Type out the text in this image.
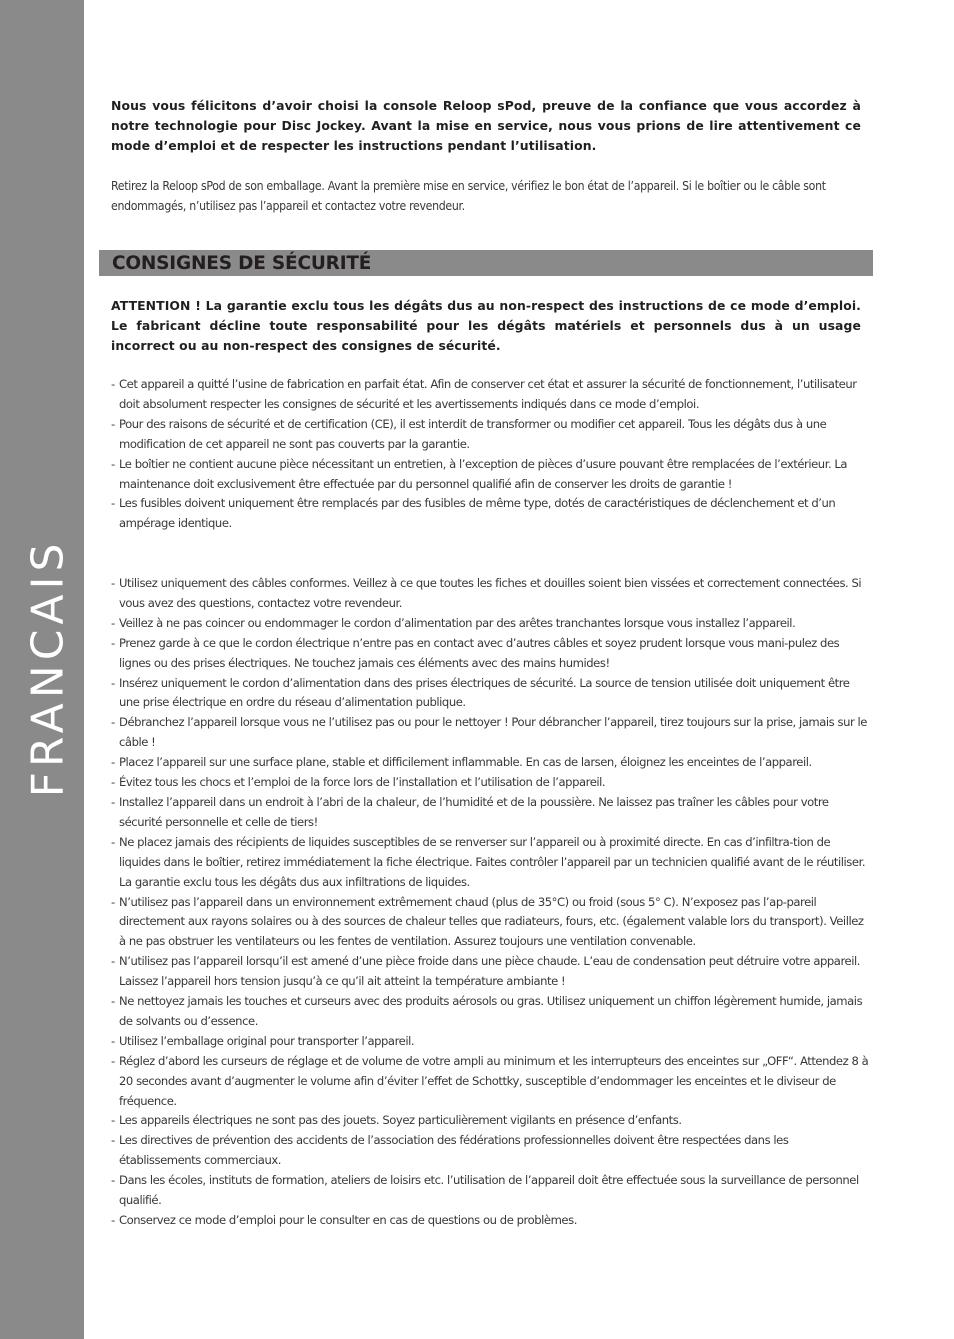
FRANCAIS

Nous vous félicitons d’avoir choisi la console Reloop sPod, preuve de la confiance que vous accordez à notre technologie pour Disc Jockey. Avant la mise en service, nous vous prions de lire attentivement ce mode d’emploi et de respecter les instructions pendant l’utilisation.

Retirez la Reloop sPod de son emballage. Avant la première mise en service, vérifiez le bon état de l’appareil. Si le boîtier ou le câble sont endommagés, n’utilisez pas l’appareil et contactez votre revendeur.

CONSIGNES DE SÉCURITÉ

ATTENTION ! La garantie exclu tous les dégâts dus au non-respect des instructions de ce mode d’emploi. Le fabricant décline toute responsabilité pour les dégâts matériels et personnels dus à un usage incorrect ou au non-respect des consignes de sécurité.

- Cet appareil a quitté l’usine de fabrication en parfait état. Afin de conserver cet état et assurer la sécurité de fonctionnement, l’utilisateur doit absolument respecter les consignes de sécurité et les avertissements indiqués dans ce mode d’emploi.
- Pour des raisons de sécurité et de certification (CE), il est interdit de transformer ou modifier cet appareil. Tous les dégâts dus à une modification de cet appareil ne sont pas couverts par la garantie.
- Le boîtier ne contient aucune pièce nécessitant un entretien, à l’exception de pièces d’usure pouvant être remplacées de l’extérieur. La maintenance doit exclusivement être effectuée par du personnel qualifié afin de conserver les droits de garantie !
- Les fusibles doivent uniquement être remplacés par des fusibles de même type, dotés de caractéristiques de déclenchement et d’un ampérage identique.
- Utilisez uniquement des câbles conformes. Veillez à ce que toutes les fiches et douilles soient bien vissées et correctement connectées. Si vous avez des questions, contactez votre revendeur.
- Veillez à ne pas coincer ou endommager le cordon d’alimentation par des arêtes tranchantes lorsque vous installez l’appareil.
- Prenez garde à ce que le cordon électrique n’entre pas en contact avec d’autres câbles et soyez prudent lorsque vous mani-pulez des lignes ou des prises électriques. Ne touchez jamais ces éléments avec des mains humides!
- Insérez uniquement le cordon d’alimentation dans des prises électriques de sécurité. La source de tension utilisée doit uniquement être une prise électrique en ordre du réseau d’alimentation publique.
- Débranchez l’appareil lorsque vous ne l’utilisez pas ou pour le nettoyer ! Pour débrancher l’appareil, tirez toujours sur la prise, jamais sur le câble !
- Placez l’appareil sur une surface plane, stable et difficilement inflammable. En cas de larsen, éloignez les enceintes de l’appareil.
- Évitez tous les chocs et l’emploi de la force lors de l’installation et l’utilisation de l’appareil.
- Installez l’appareil dans un endroit à l’abri de la chaleur, de l’humidité et de la poussière. Ne laissez pas traîner les câbles pour votre sécurité personnelle et celle de tiers!
- Ne placez jamais des récipients de liquides susceptibles de se renverser sur l’appareil ou à proximité directe. En cas d’infiltra-tion de liquides dans le boîtier, retirez immédiatement la fiche électrique. Faites contrôler l’appareil par un technicien qualifié avant de le réutiliser. La garantie exclu tous les dégâts dus aux infiltrations de liquides.
- N’utilisez pas l’appareil dans un environnement extrêmement chaud (plus de 35°C) ou froid (sous 5° C). N’exposez pas l’ap-pareil directement aux rayons solaires ou à des sources de chaleur telles que radiateurs, fours, etc. (également valable lors du transport). Veillez à ne pas obstruer les ventilateurs ou les fentes de ventilation. Assurez toujours une ventilation convenable.
- N’utilisez pas l’appareil lorsqu’il est amené d’une pièce froide dans une pièce chaude. L’eau de condensation peut détruire votre appareil. Laissez l’appareil hors tension jusqu’à ce qu’il ait atteint la température ambiante !
- Ne nettoyez jamais les touches et curseurs avec des produits aérosols ou gras. Utilisez uniquement un chiffon légèrement humide, jamais de solvants ou d’essence.
- Utilisez l’emballage original pour transporter l’appareil.
- Réglez d’abord les curseurs de réglage et de volume de votre ampli au minimum et les interrupteurs des enceintes sur „OFF“. Attendez 8 à 20 secondes avant d’augmenter le volume afin d’éviter l’effet de Schottky, susceptible d’endommager les enceintes et le diviseur de fréquence.
- Les appareils électriques ne sont pas des jouets. Soyez particulièrement vigilants en présence d’enfants.
- Les directives de prévention des accidents de l’association des fédérations professionnelles doivent être respectées dans les établissements commerciaux.
- Dans les écoles, instituts de formation, ateliers de loisirs etc. l’utilisation de l’appareil doit être effectuée sous la surveillance de personnel qualifié.
- Conservez ce mode d’emploi pour le consulter en cas de questions ou de problèmes.
